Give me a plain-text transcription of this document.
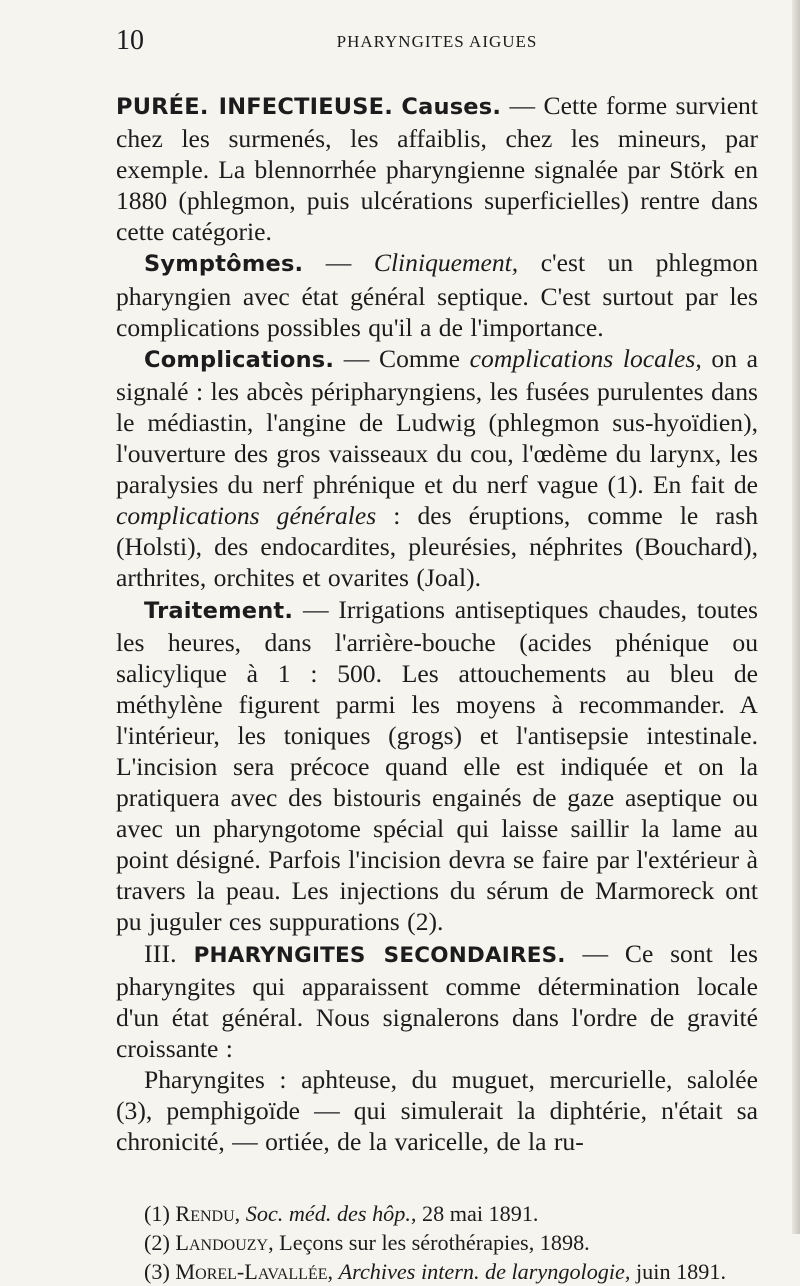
10	PHARYNGITES AIGUES

PURÉE. INFECTIEUSE. Causes. — Cette forme survient chez les surmenés, les affaiblis, chez les mineurs, par exemple. La blennorrhée pharyngienne signalée par Störk en 1880 (phlegmon, puis ulcérations superficielles) rentre dans cette catégorie.

Symptômes. — Cliniquement, c'est un phlegmon pharyngien avec état général septique. C'est surtout par les complications possibles qu'il a de l'importance.

Complications. — Comme complications locales, on a signalé : les abcès péripharyngiens, les fusées purulentes dans le médiastin, l'angine de Ludwig (phlegmon sus-hyoïdien), l'ouverture des gros vaisseaux du cou, l'œdème du larynx, les paralysies du nerf phrénique et du nerf vague (1). En fait de complications générales : des éruptions, comme le rash (Holsti), des endocardites, pleurésies, néphrites (Bouchard), arthrites, orchites et ovarites (Joal).

Traitement. — Irrigations antiseptiques chaudes, toutes les heures, dans l'arrière-bouche (acides phénique ou salicylique à 1 : 500. Les attouchements au bleu de méthylène figurent parmi les moyens à recommander. A l'intérieur, les toniques (grogs) et l'antisepsie intestinale. L'incision sera précoce quand elle est indiquée et on la pratiquera avec des bistouris engainés de gaze aseptique ou avec un pharyngotome spécial qui laisse saillir la lame au point désigné. Parfois l'incision devra se faire par l'extérieur à travers la peau. Les injections du sérum de Marmoreck ont pu juguler ces suppurations (2).

III. PHARYNGITES SECONDAIRES. — Ce sont les pharyngites qui apparaissent comme détermination locale d'un état général. Nous signalerons dans l'ordre de gravité croissante :

Pharyngites : aphteuse, du muguet, mercurielle, salolée (3), pemphigoïde — qui simulerait la diphtérie, n'était sa chronicité, — ortiée, de la varicelle, de la ru-

(1) Rendu, Soc. méd. des hôp., 28 mai 1891.

(2) Landouzy, Leçons sur les sérothérapies, 1898.

(3) Morel-Lavallée, Archives intern. de laryngologie, juin 1891.
